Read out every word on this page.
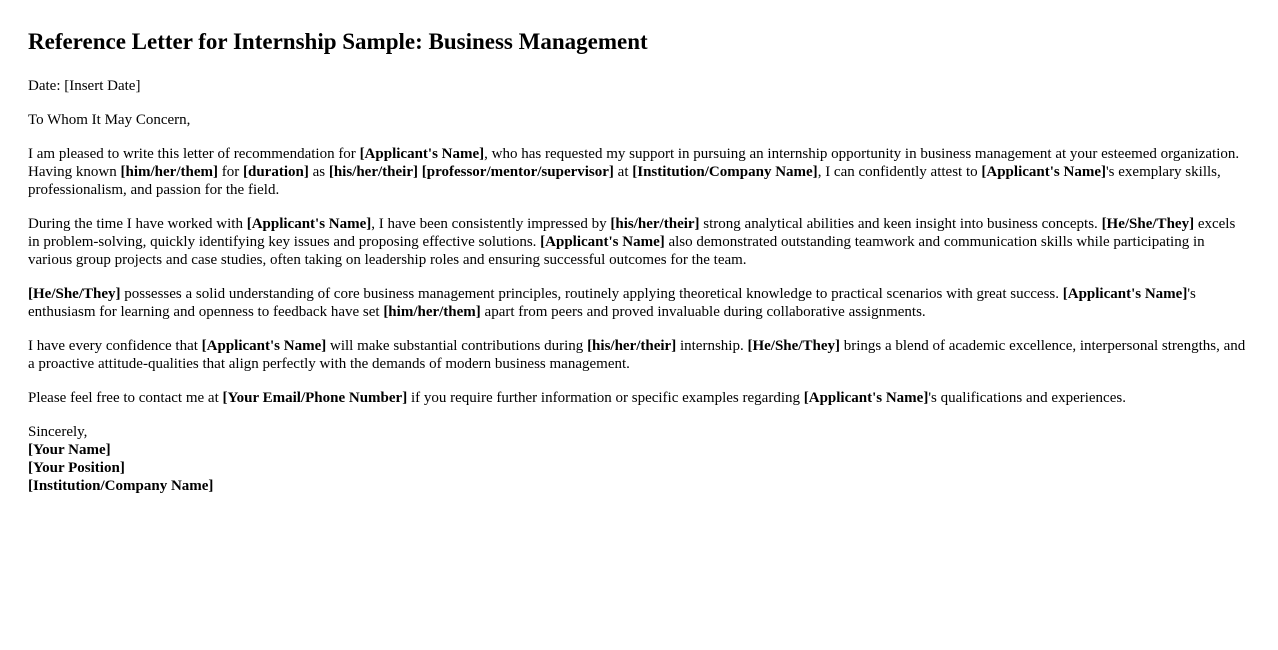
Reference Letter for Internship Sample: Business Management

Date: [Insert Date]

To Whom It May Concern,

I am pleased to write this letter of recommendation for [Applicant's Name], who has requested my support in pursuing an internship opportunity in business management at your esteemed organization. Having known [him/her/them] for [duration] as [his/her/their] [professor/mentor/supervisor] at [Institution/Company Name], I can confidently attest to [Applicant's Name]'s exemplary skills, professionalism, and passion for the field.

During the time I have worked with [Applicant's Name], I have been consistently impressed by [his/her/their] strong analytical abilities and keen insight into business concepts. [He/She/They] excels in problem-solving, quickly identifying key issues and proposing effective solutions. [Applicant's Name] also demonstrated outstanding teamwork and communication skills while participating in various group projects and case studies, often taking on leadership roles and ensuring successful outcomes for the team.

[He/She/They] possesses a solid understanding of core business management principles, routinely applying theoretical knowledge to practical scenarios with great success. [Applicant's Name]'s enthusiasm for learning and openness to feedback have set [him/her/them] apart from peers and proved invaluable during collaborative assignments.

I have every confidence that [Applicant's Name] will make substantial contributions during [his/her/their] internship. [He/She/They] brings a blend of academic excellence, interpersonal strengths, and a proactive attitude-qualities that align perfectly with the demands of modern business management.

Please feel free to contact me at [Your Email/Phone Number] if you require further information or specific examples regarding [Applicant's Name]'s qualifications and experiences.

Sincerely,
[Your Name]
[Your Position]
[Institution/Company Name]
